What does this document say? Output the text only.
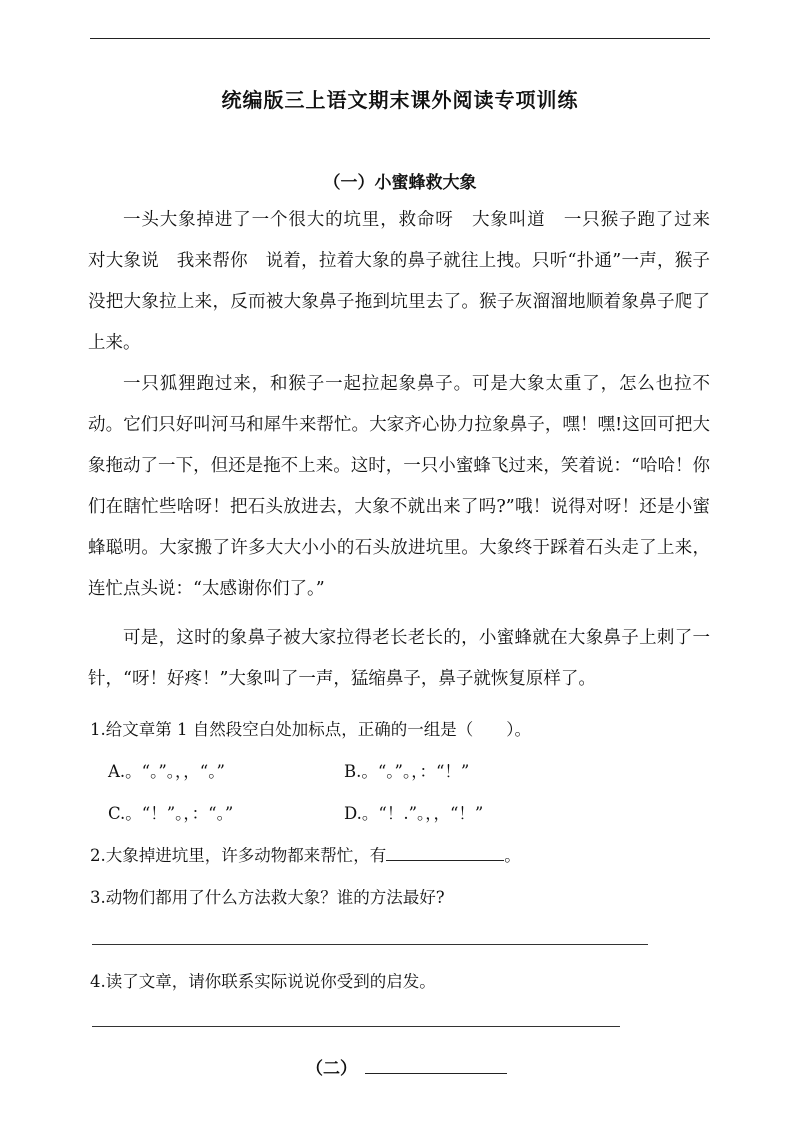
统编版三上语文期末课外阅读专项训练
（一）小蜜蜂救大象
一头大象掉进了一个很大的坑里，救命呀　大象叫道　一只猴子跑了过来　对大象说　我来帮你　说着，拉着大象的鼻子就往上拽。只听“扑通”一声，猴子没把大象拉上来，反而被大象鼻子拖到坑里去了。猴子灰溜溜地顺着象鼻子爬了上来。
一只狐狸跑过来，和猴子一起拉起象鼻子。可是大象太重了，怎么也拉不动。它们只好叫河马和犀牛来帮忙。大家齐心协力拉象鼻子，嘿！嘿!这回可把大象拖动了一下，但还是拖不上来。这时，一只小蜜蜂飞过来，笑着说：“哈哈！你们在瞎忙些啥呀！把石头放进去，大象不就出来了吗?”哦！说得对呀！还是小蜜蜂聪明。大家搬了许多大大小小的石头放进坑里。大象终于踩着石头走了上来，连忙点头说：“太感谢你们了。”
可是，这时的象鼻子被大家拉得老长老长的，小蜜蜂就在大象鼻子上刺了一针，“呀！好疼！”大象叫了一声，猛缩鼻子，鼻子就恢复原样了。
1.给文章第 1 自然段空白处加标点，正确的一组是（　　）。
A.。“。”。，，“。”	B.。“。”。，：“！”
C.。“！”。，：“。”	D.。“！.”。，，“！”
2.大象掉进坑里，许多动物都来帮忙，有	。
3.动物们都用了什么方法救大象？谁的方法最好?
4.读了文章，请你联系实际说说你受到的启发。
（二）
